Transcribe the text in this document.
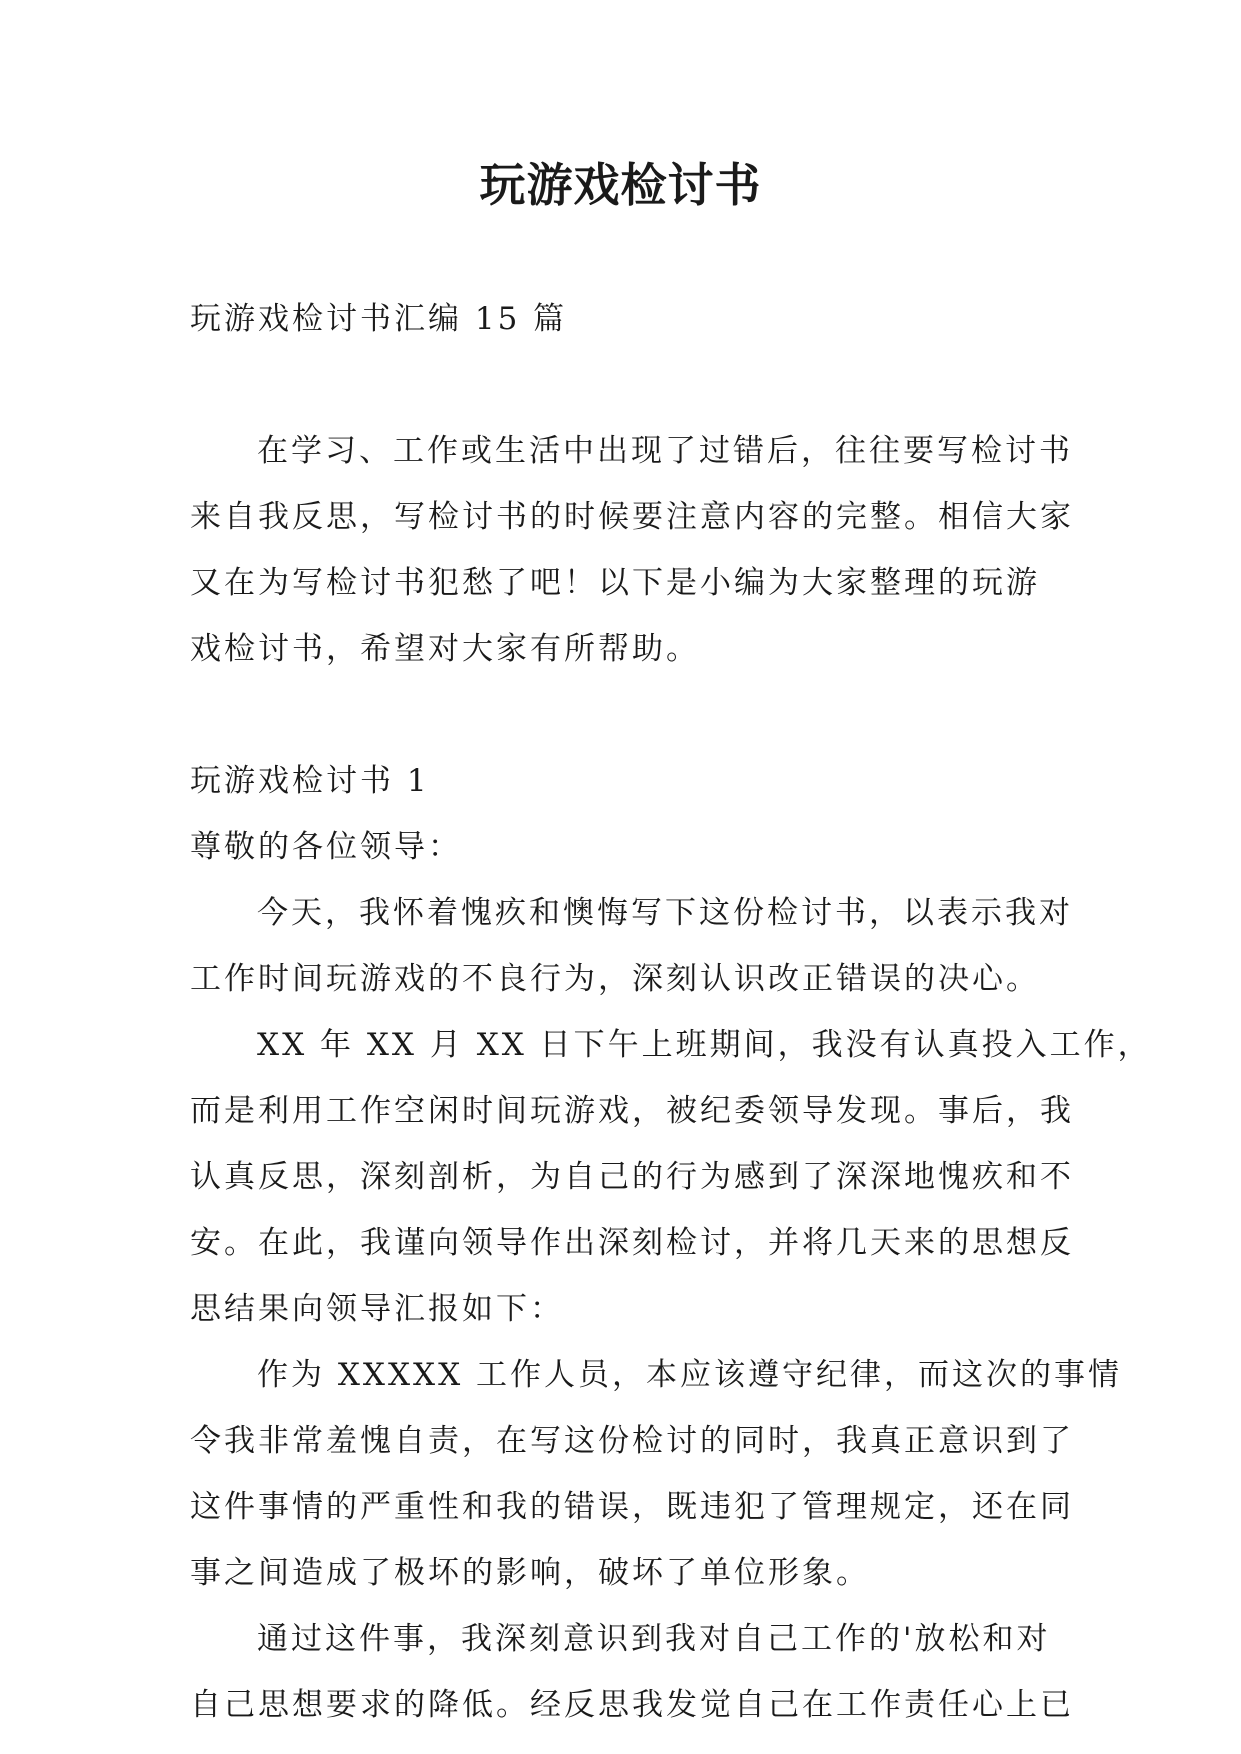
玩游戏检讨书

玩游戏检讨书汇编 15 篇

在学习、工作或生活中出现了过错后，往往要写检讨书

来自我反思，写检讨书的时候要注意内容的完整。相信大家

又在为写检讨书犯愁了吧！以下是小编为大家整理的玩游

戏检讨书，希望对大家有所帮助。

玩游戏检讨书 1

尊敬的各位领导：

今天，我怀着愧疚和懊悔写下这份检讨书，以表示我对

工作时间玩游戏的不良行为，深刻认识改正错误的决心。

XX 年 XX 月 XX 日下午上班期间，我没有认真投入工作，

而是利用工作空闲时间玩游戏，被纪委领导发现。事后，我

认真反思，深刻剖析，为自己的行为感到了深深地愧疚和不

安。在此，我谨向领导作出深刻检讨，并将几天来的思想反

思结果向领导汇报如下：

作为 XXXXX 工作人员，本应该遵守纪律，而这次的事情

令我非常羞愧自责，在写这份检讨的同时，我真正意识到了

这件事情的严重性和我的错误，既违犯了管理规定，还在同

事之间造成了极坏的影响，破坏了单位形象。

通过这件事，我深刻意识到我对自己工作的'放松和对

自己思想要求的降低。经反思我发觉自己在工作责任心上已
